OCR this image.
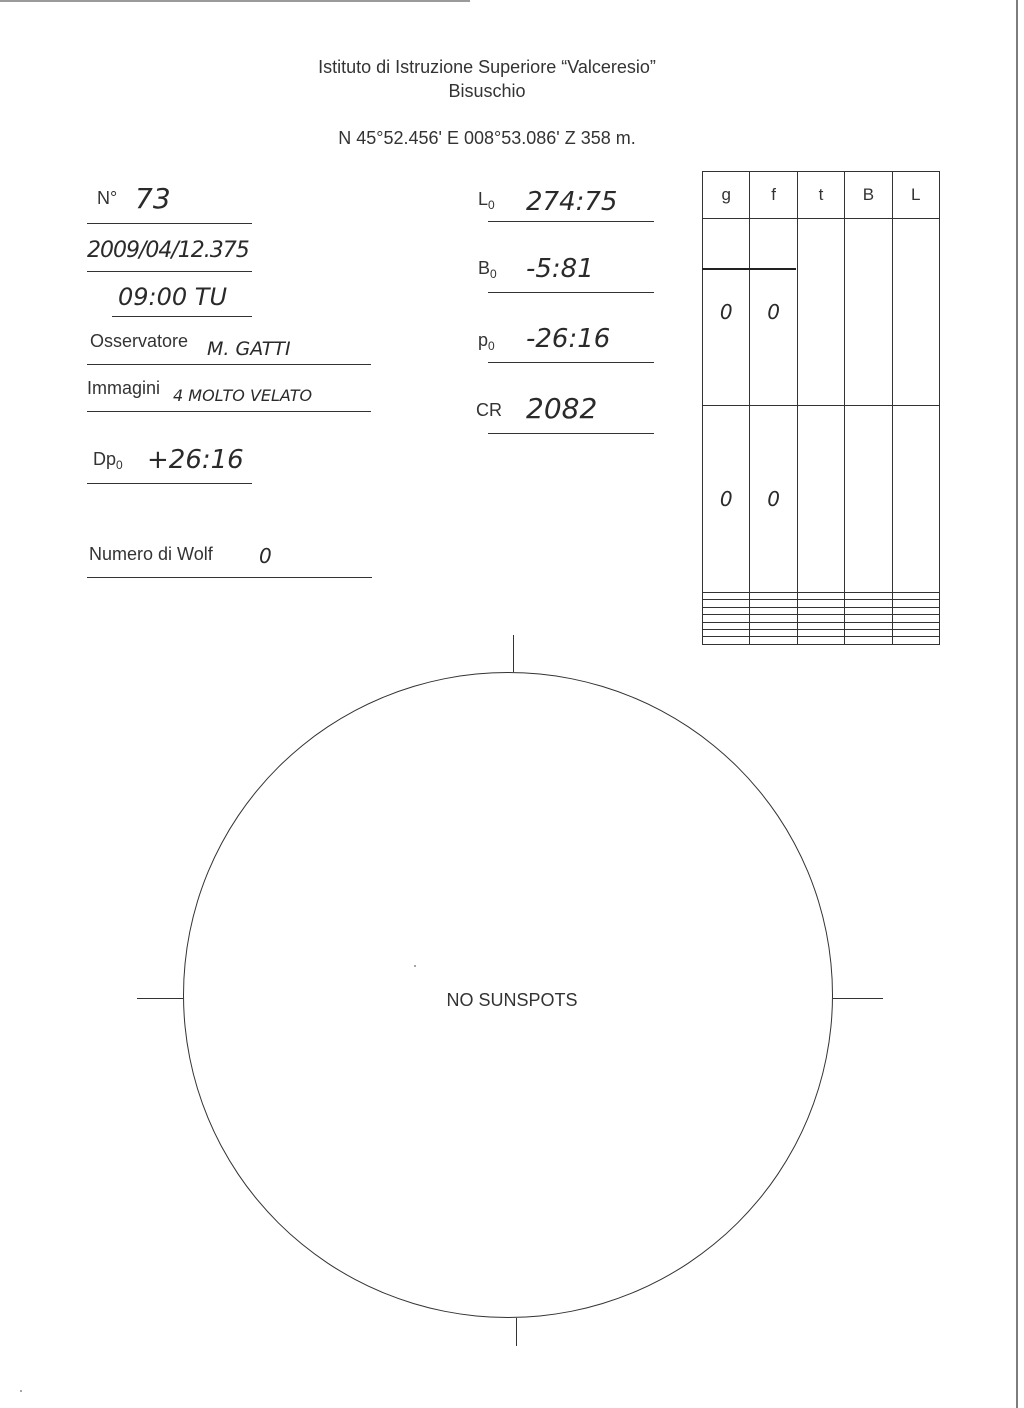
Istituto di Istruzione Superiore “Valceresio”
Bisuschio
N 45°52.456' E 008°53.086' Z 358 m.
N° 73
2009/04/12.375
09:00 TU
Osservatore M. GATTI
Immagini 4 MOLTO VELATO
$Dp_0$ +26:16
Numero di Wolf 0
$L_0$ 274:75
$B_0$ -5:81
$p_0$ -26:16
CR 2082
g	f	t	B	L
0	0			
0	0			

NO SUNSPOTS
